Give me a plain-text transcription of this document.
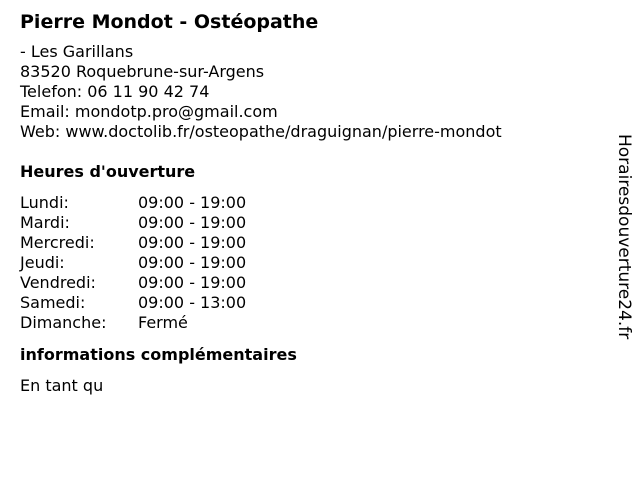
Pierre Mondot - Ostéopathe
- Les Garillans
83520 Roquebrune-sur-Argens
Telefon: 06 11 90 42 74
Email: mondotp.pro@gmail.com
Web: www.doctolib.fr/osteopathe/draguignan/pierre-mondot
Heures d'ouverture
Lundi:	09:00 - 19:00
Mardi:	09:00 - 19:00
Mercredi:	09:00 - 19:00
Jeudi:	09:00 - 19:00
Vendredi:	09:00 - 19:00
Samedi:	09:00 - 13:00
Dimanche: Fermé
informations complémentaires
En tant qu
Horairesdouverture24.fr
